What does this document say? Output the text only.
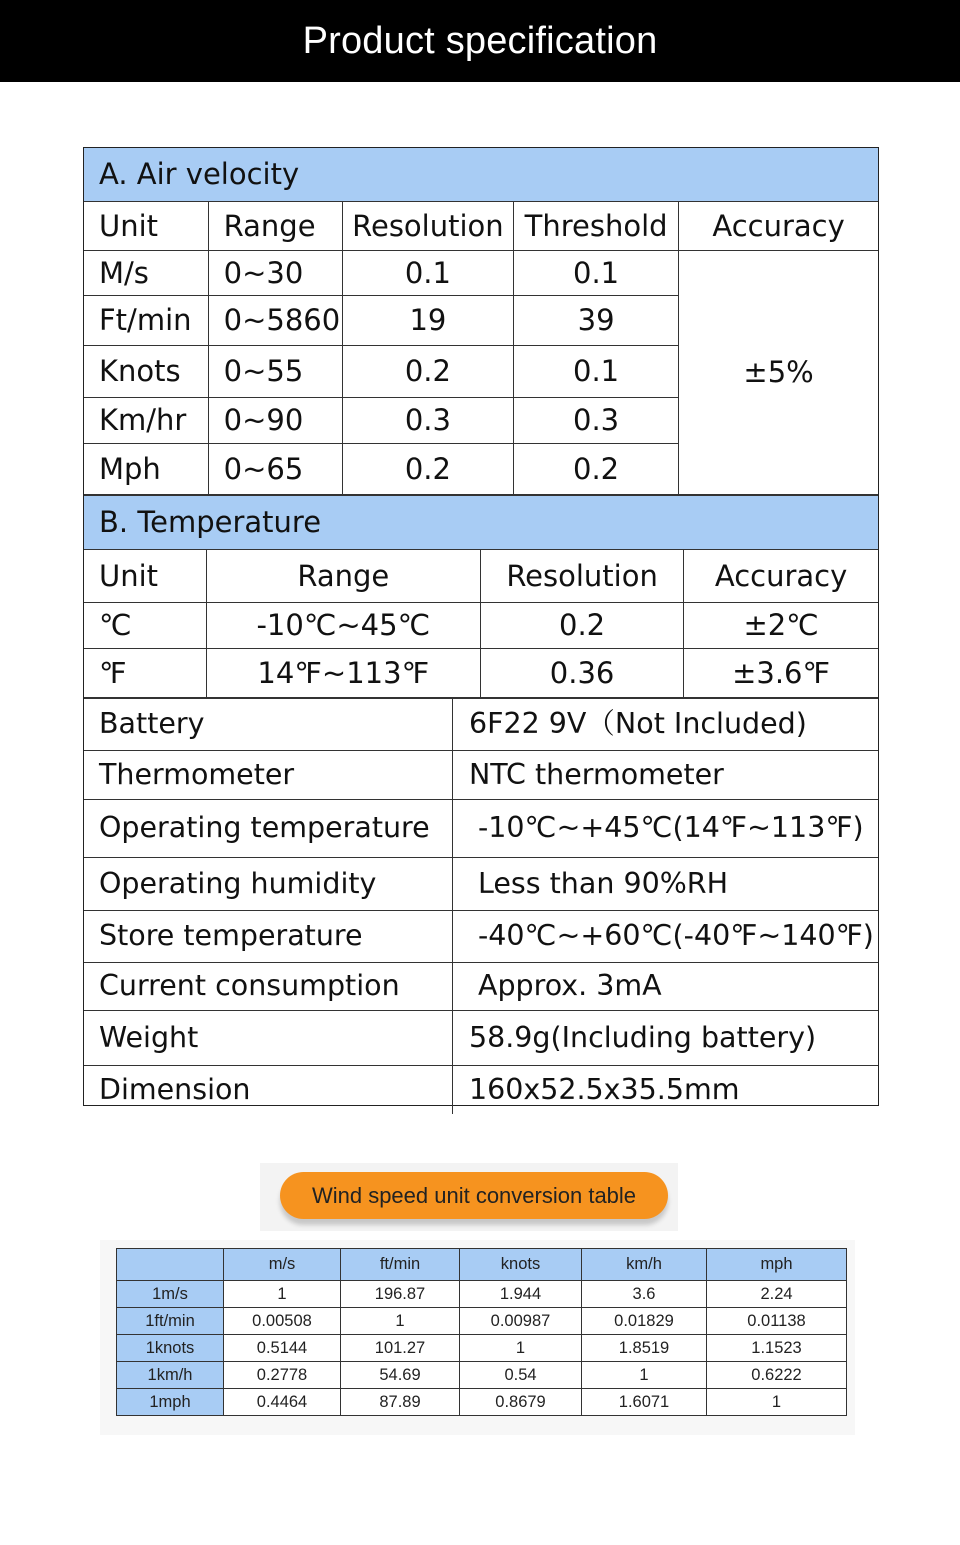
Product specification
A. Air velocity				
Unit	Range	Resolution	Threshold	Accuracy
M/s	0~30	0.1	0.1	±5%
Ft/min	0~5860	19	39	
Knots	0~55	0.2	0.1	
Km/hr	0~90	0.3	0.3	
Mph	0~65	0.2	0.2	
B. Temperature			
Unit	Range	Resolution	Accuracy
℃	-10℃~45℃	0.2	±2℃
℉	14℉~113℉	0.36	±3.6℉
Battery	6F22 9V（Not Included)
Thermometer	NTC thermometer
Operating temperature	-10℃~+45℃(14℉~113℉)
Operating humidity	Less than 90%RH
Store temperature	-40℃~+60℃(-40℉~140℉)
Current consumption	Approx. 3mA
Weight	58.9g(Including battery)
Dimension	160x52.5x35.5mm
Wind speed unit conversion table
	m/s	ft/min	knots	km/h	mph
1m/s	1	196.87	1.944	3.6	2.24
1ft/min	0.00508	1	0.00987	0.01829	0.01138
1knots	0.5144	101.27	1	1.8519	1.1523
1km/h	0.2778	54.69	0.54	1	0.6222
1mph	0.4464	87.89	0.8679	1.6071	1
